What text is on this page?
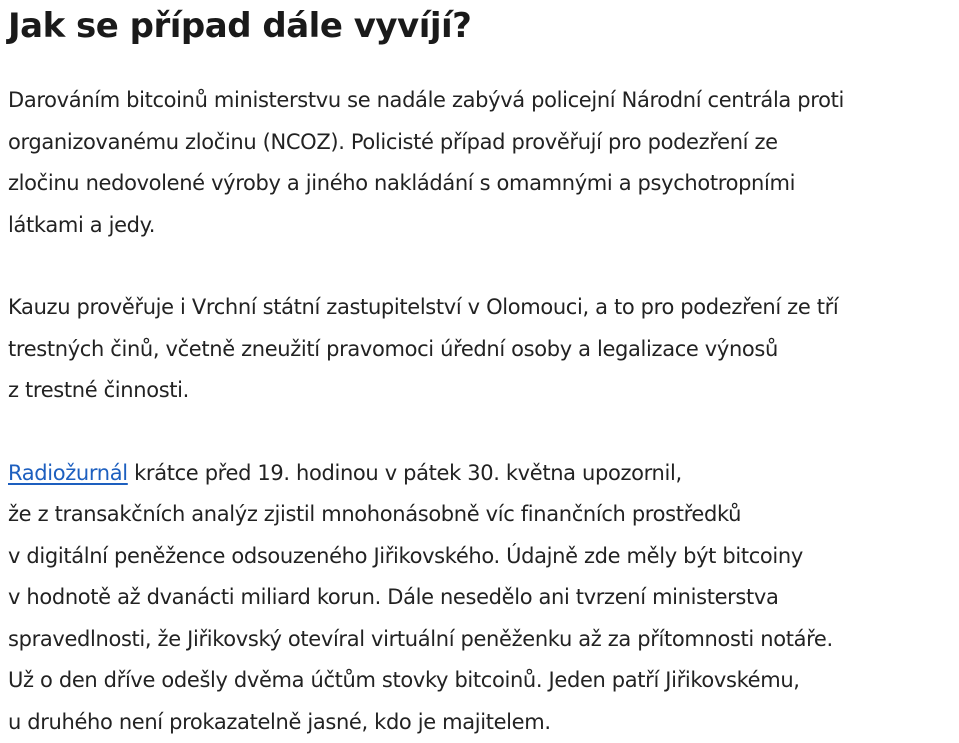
Jak se případ dále vyvíjí?

Darováním bitcoinů ministerstvu se nadále zabývá policejní Národní centrála proti
organizovanému zločinu (NCOZ). Policisté případ prověřují pro podezření ze
zločinu nedovolené výroby a jiného nakládání s omamnými a psychotropními
látkami a jedy.

Kauzu prověřuje i Vrchní státní zastupitelství v Olomouci, a to pro podezření ze tří
trestných činů, včetně zneužití pravomoci úřední osoby a legalizace výnosů
z trestné činnosti.

Radiožurnál krátce před 19. hodinou v pátek 30. května upozornil,
že z transakčních analýz zjistil mnohonásobně víc finančních prostředků
v digitální peněžence odsouzeného Jiřikovského. Údajně zde měly být bitcoiny
v hodnotě až dvanácti miliard korun. Dále nesedělo ani tvrzení ministerstva
spravedlnosti, že Jiřikovský otevíral virtuální peněženku až za přítomnosti notáře.
Už o den dříve odešly dvěma účtům stovky bitcoinů. Jeden patří Jiřikovskému,
u druhého není prokazatelně jasné, kdo je majitelem.
